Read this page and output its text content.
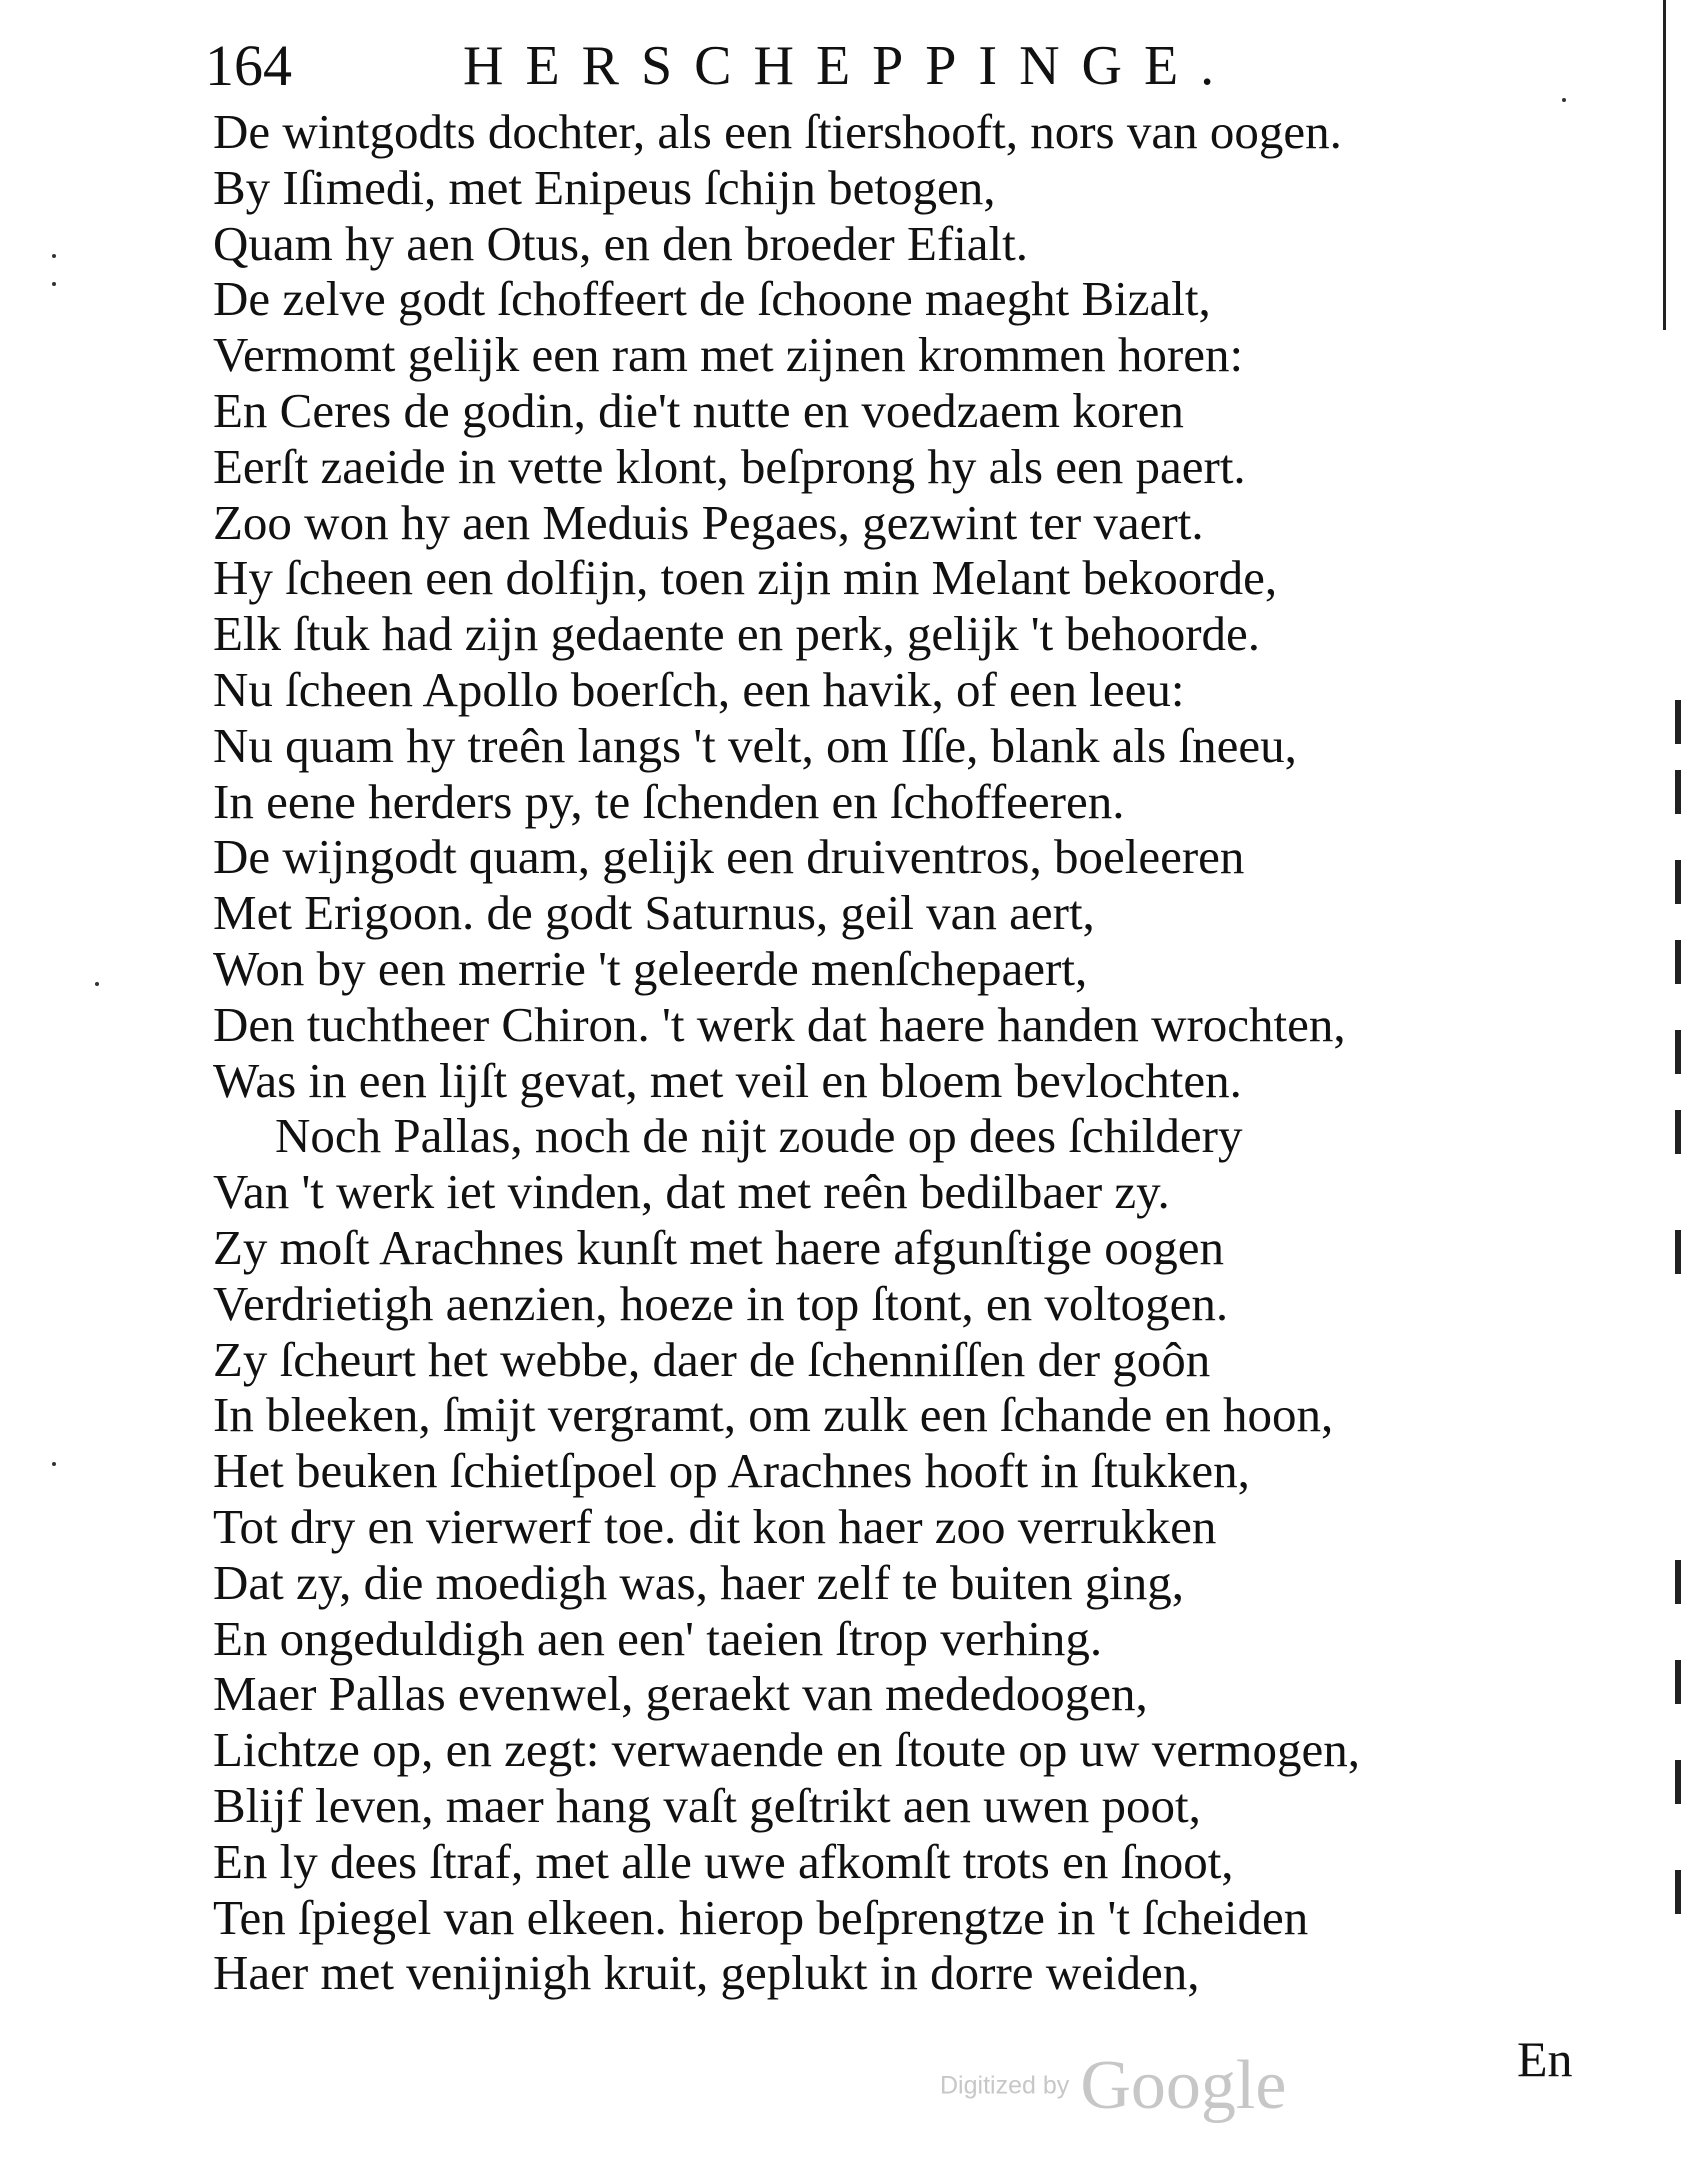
164	HERSCHEPPINGE.
De wintgodts dochter, als een ſtiershooft, nors van oogen.
By Iſimedi, met Enipeus ſchijn betogen,
Quam hy aen Otus, en den broeder Efialt.
De zelve godt ſchoffeert de ſchoone maeght Bizalt,
Vermomt gelijk een ram met zijnen krommen horen:
En Ceres de godin, die't nutte en voedzaem koren
Eerſt zaeide in vette klont, beſprong hy als een paert.
Zoo won hy aen Meduis Pegaes, gezwint ter vaert.
Hy ſcheen een dolfijn, toen zijn min Melant bekoorde,
Elk ſtuk had zijn gedaente en perk, gelijk 't behoorde.
Nu ſcheen Apollo boerſch, een havik, of een leeu:
Nu quam hy treên langs 't velt, om Iſſe, blank als ſneeu,
In eene herders py, te ſchenden en ſchoffeeren.
De wijngodt quam, gelijk een druiventros, boeleeren
Met Erigoon. de godt Saturnus, geil van aert,
Won by een merrie 't geleerde menſchepaert,
Den tuchtheer Chiron. 't werk dat haere handen wrochten,
Was in een lijſt gevat, met veil en bloem bevlochten.
Noch Pallas, noch de nijt zoude op dees ſchildery
Van 't werk iet vinden, dat met reên bedilbaer zy.
Zy moſt Arachnes kunſt met haere afgunſtige oogen
Verdrietigh aenzien, hoeze in top ſtont, en voltogen.
Zy ſcheurt het webbe, daer de ſchenniſſen der goôn
In bleeken, ſmijt vergramt, om zulk een ſchande en hoon,
Het beuken ſchietſpoel op Arachnes hooft in ſtukken,
Tot dry en vierwerf toe. dit kon haer zoo verrukken
Dat zy, die moedigh was, haer zelf te buiten ging,
En ongeduldigh aen een' taeien ſtrop verhing.
Maer Pallas evenwel, geraekt van mededoogen,
Lichtze op, en zegt: verwaende en ſtoute op uw vermogen,
Blijf leven, maer hang vaſt geſtrikt aen uwen poot,
En ly dees ſtraf, met alle uwe afkomſt trots en ſnoot,
Ten ſpiegel van elkeen. hierop beſprengtze in 't ſcheiden
Haer met venijnigh kruit, geplukt in dorre weiden,
En
Digitized by Google
